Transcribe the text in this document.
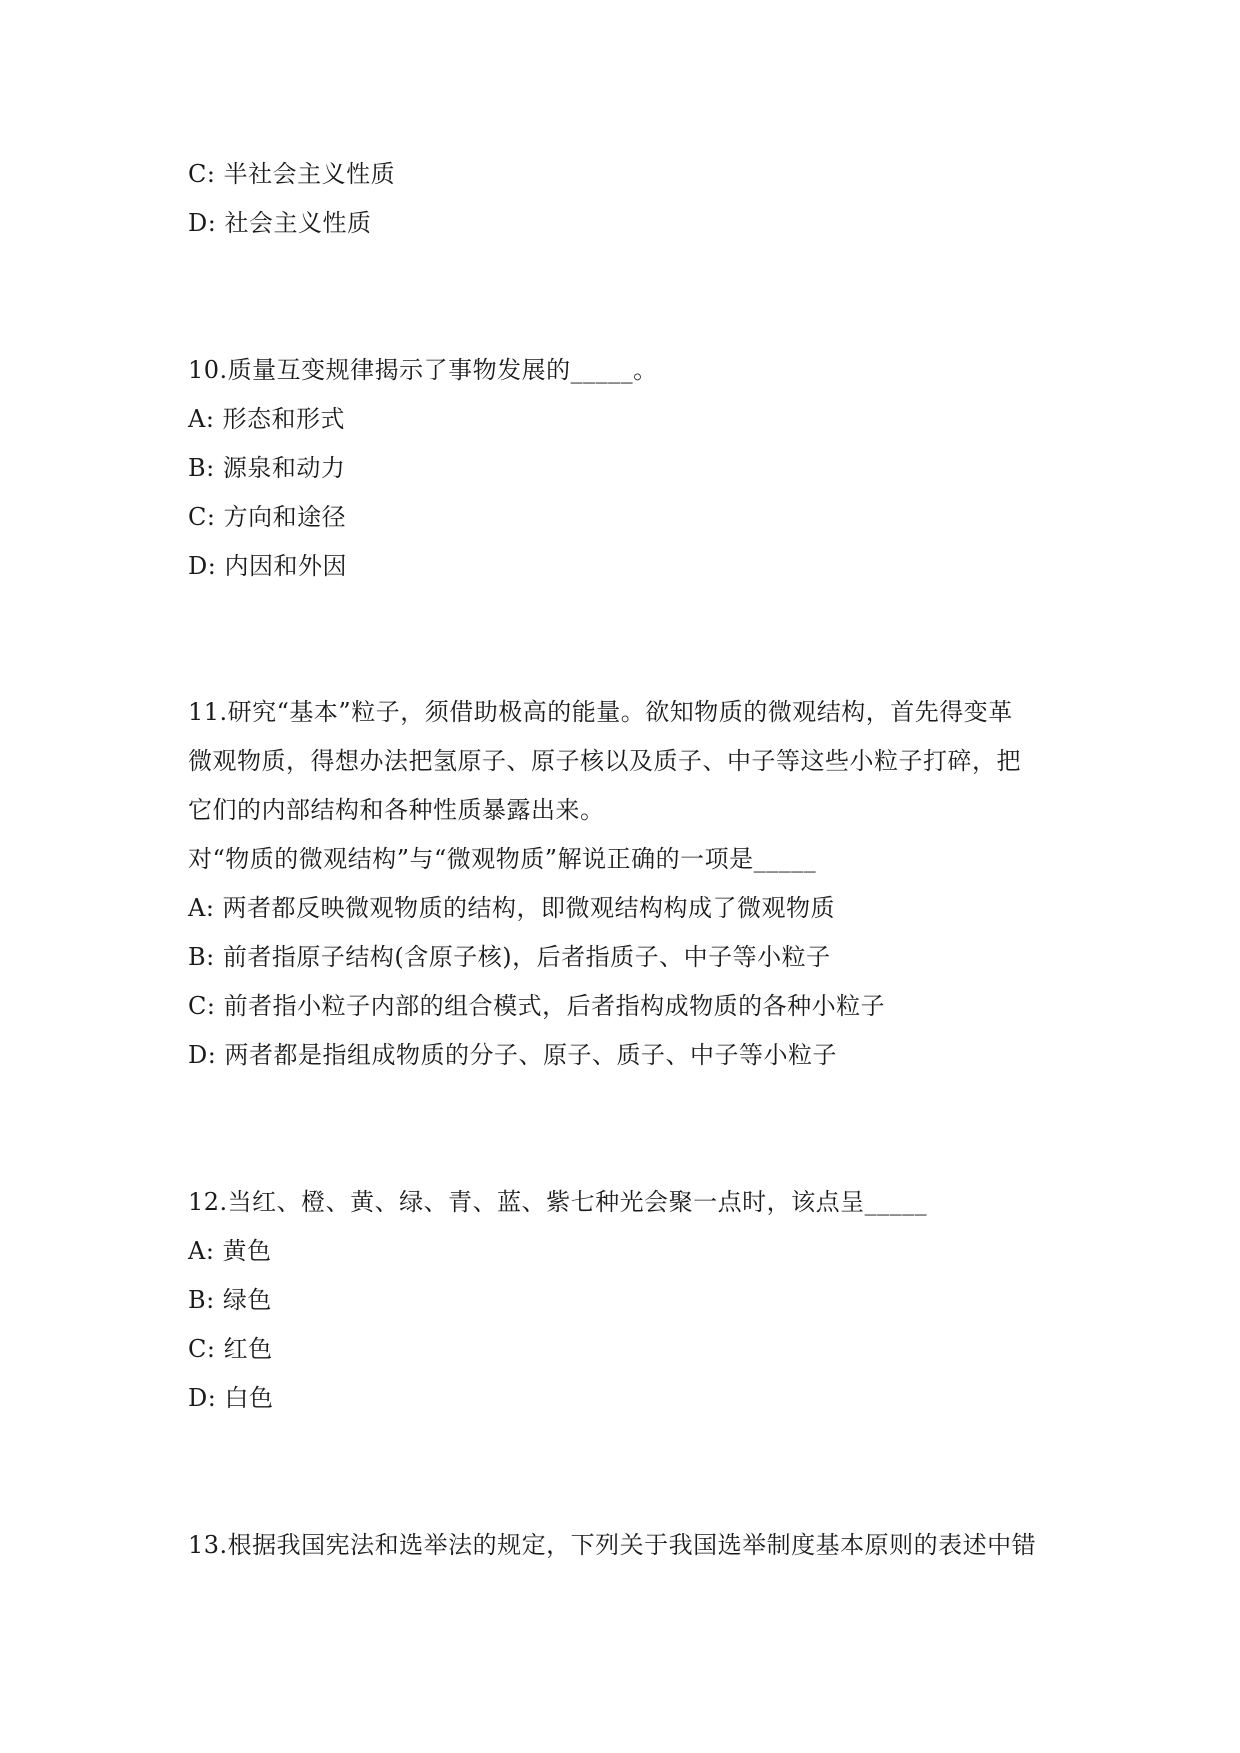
C: 半社会主义性质
D: 社会主义性质
10.质量互变规律揭示了事物发展的_____。
A: 形态和形式
B: 源泉和动力
C: 方向和途径
D: 内因和外因
11.研究“基本”粒子，须借助极高的能量。欲知物质的微观结构，首先得变革
微观物质，得想办法把氢原子、原子核以及质子、中子等这些小粒子打碎，把
它们的内部结构和各种性质暴露出来。
对“物质的微观结构”与“微观物质”解说正确的一项是_____
A: 两者都反映微观物质的结构，即微观结构构成了微观物质
B: 前者指原子结构(含原子核)，后者指质子、中子等小粒子
C: 前者指小粒子内部的组合模式，后者指构成物质的各种小粒子
D: 两者都是指组成物质的分子、原子、质子、中子等小粒子
12.当红、橙、黄、绿、青、蓝、紫七种光会聚一点时，该点呈_____
A: 黄色
B: 绿色
C: 红色
D: 白色
13.根据我国宪法和选举法的规定，下列关于我国选举制度基本原则的表述中错
